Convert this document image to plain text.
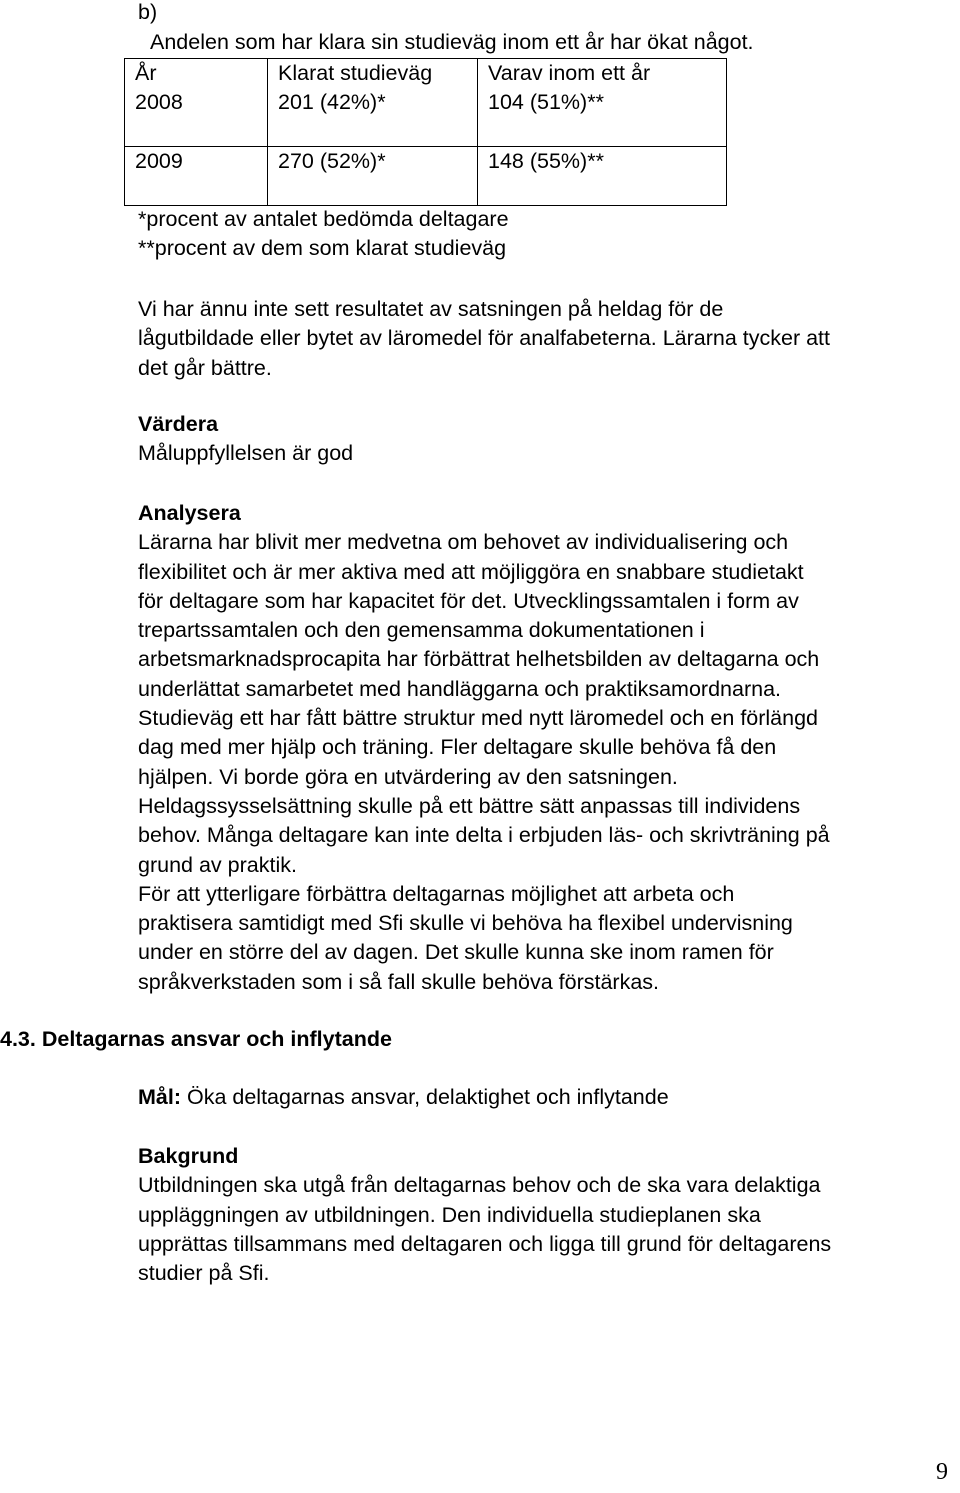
b)
Andelen som har klara sin studieväg inom ett år har ökat något.
År	Klarat studieväg	Varav inom ett år
2008	201 (42%)*	104 (51%)**
2009	270 (52%)*	148 (55%)**
*procent av antalet bedömda deltagare
**procent av dem som klarat studieväg
Vi har ännu inte sett resultatet av satsningen på heldag för de
lågutbildade eller bytet av läromedel för analfabeterna. Lärarna tycker att
det går bättre.
Värdera
Måluppfyllelsen är god
Analysera
Lärarna har blivit mer medvetna om behovet av individualisering och
flexibilitet och är mer aktiva med att möjliggöra en snabbare studietakt
för deltagare som har kapacitet för det. Utvecklingssamtalen i form av
trepartssamtalen och den gemensamma dokumentationen i
arbetsmarknadsprocapita har förbättrat helhetsbilden av deltagarna och
underlättat samarbetet med handläggarna och praktiksamordnarna.
Studieväg ett har fått bättre struktur med nytt läromedel och en förlängd
dag med mer hjälp och träning. Fler deltagare skulle behöva få den
hjälpen. Vi borde göra en utvärdering av den satsningen.
Heldagssysselsättning skulle på ett bättre sätt anpassas till individens
behov. Många deltagare kan inte delta i erbjuden läs- och skrivträning på
grund av praktik.
För att ytterligare förbättra deltagarnas möjlighet att arbeta och
praktisera samtidigt med Sfi skulle vi behöva ha flexibel undervisning
under en större del av dagen. Det skulle kunna ske inom ramen för
språkverkstaden som i så fall skulle behöva förstärkas.
4.3. Deltagarnas ansvar och inflytande
Mål: Öka deltagarnas ansvar, delaktighet och inflytande
Bakgrund
Utbildningen ska utgå från deltagarnas behov och de ska vara delaktiga
uppläggningen av utbildningen. Den individuella studieplanen ska
upprättas tillsammans med deltagaren och ligga till grund för deltagarens
studier på Sfi.
9
